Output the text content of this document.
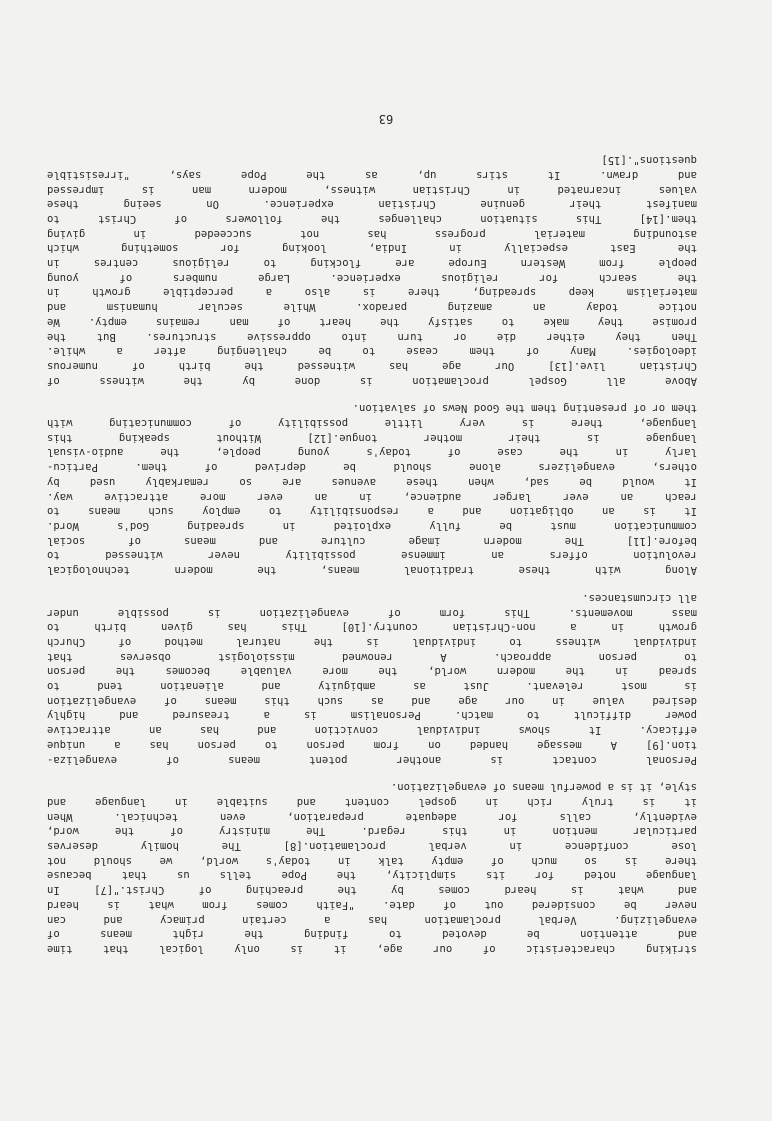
striking characteristic of our age, it is only logical that time
and attention be devoted to finding the right means of
evangelizing. Verbal proclamation has a certain primacy and can
never be considered out of date. "Faith comes from what is heard
and what is heard comes by the preaching of Christ."[7] In
language noted for its simplicity, the Pope tells us that because
there is so much of empty talk in today's world, we should not
lose confidence in verbal proclamation.[8] The homily deserves
particular mention in this regard. The ministry of the word,
evidently, calls for adequate preparation, even technical. When
it is truly rich in gospel content and suitable in language and
style, it is a powerful means of evangelization.
Personal contact is another potent means of evangeliza-
tion.[9] A message handed on from person to person has a unique
efficacy. It shows individual conviction and has an attractive
power difficult to match. Personalism is a treasured and highly
desired value in our age and as such this means of evangelization
is most relevant. Just as ambiguity and alienation tend to
spread in the modern world, the more valuable becomes the person
to person approach. A renowned missiologist observes that
individual witness to individual is the natural method of Church
growth in a non-Christian country.[10] This has given birth to
mass movements. This form of evangelization is possible under
all circumstances.
Along with these traditional means, the modern technological
revolution offers an immense possibility never witnessed to
before.[11] The modern image culture and means of social
communication must be fully exploited in spreading God's Word.
It is an obligation and a responsibility to employ such means to
reach an ever larger audience, in an ever more attractive way.
It would be sad, when these avenues are so remarkably used by
others, evangelizers alone should be deprived of them. Particu-
larly in the case of today's young people, the audio-visual
language is their mother tongue.[12] Without speaking this
language, there is very little possibility of communicating with
them or of presenting them the Good News of salvation.
Above all Gospel proclamation is done by the witness of
Christian live.[13] Our age has witnessed the birth of numerous
ideologies. Many of them cease to be challenging after a while.
Then they either die or turn into oppressive structures. But the
promise they make to satisfy the heart of man remains empty. We
notice today an amazing paradox. While secular humanism and
materialism keep spreading, there is also a perceptible growth in
the search for religious experience. Large numbers of young
people from Western Europe are flocking to religious centres in
the East especially in India, looking for something which
astounding material progress has not succeeded in giving
them.[14] This situation challenges the followers of Christ to
manifest their genuine Christian experience. On seeing these
values incarnated in Christian witness, modern man is impressed
and drawn. It stirs up, as the Pope says, "irresistible
questions".[15]
63
